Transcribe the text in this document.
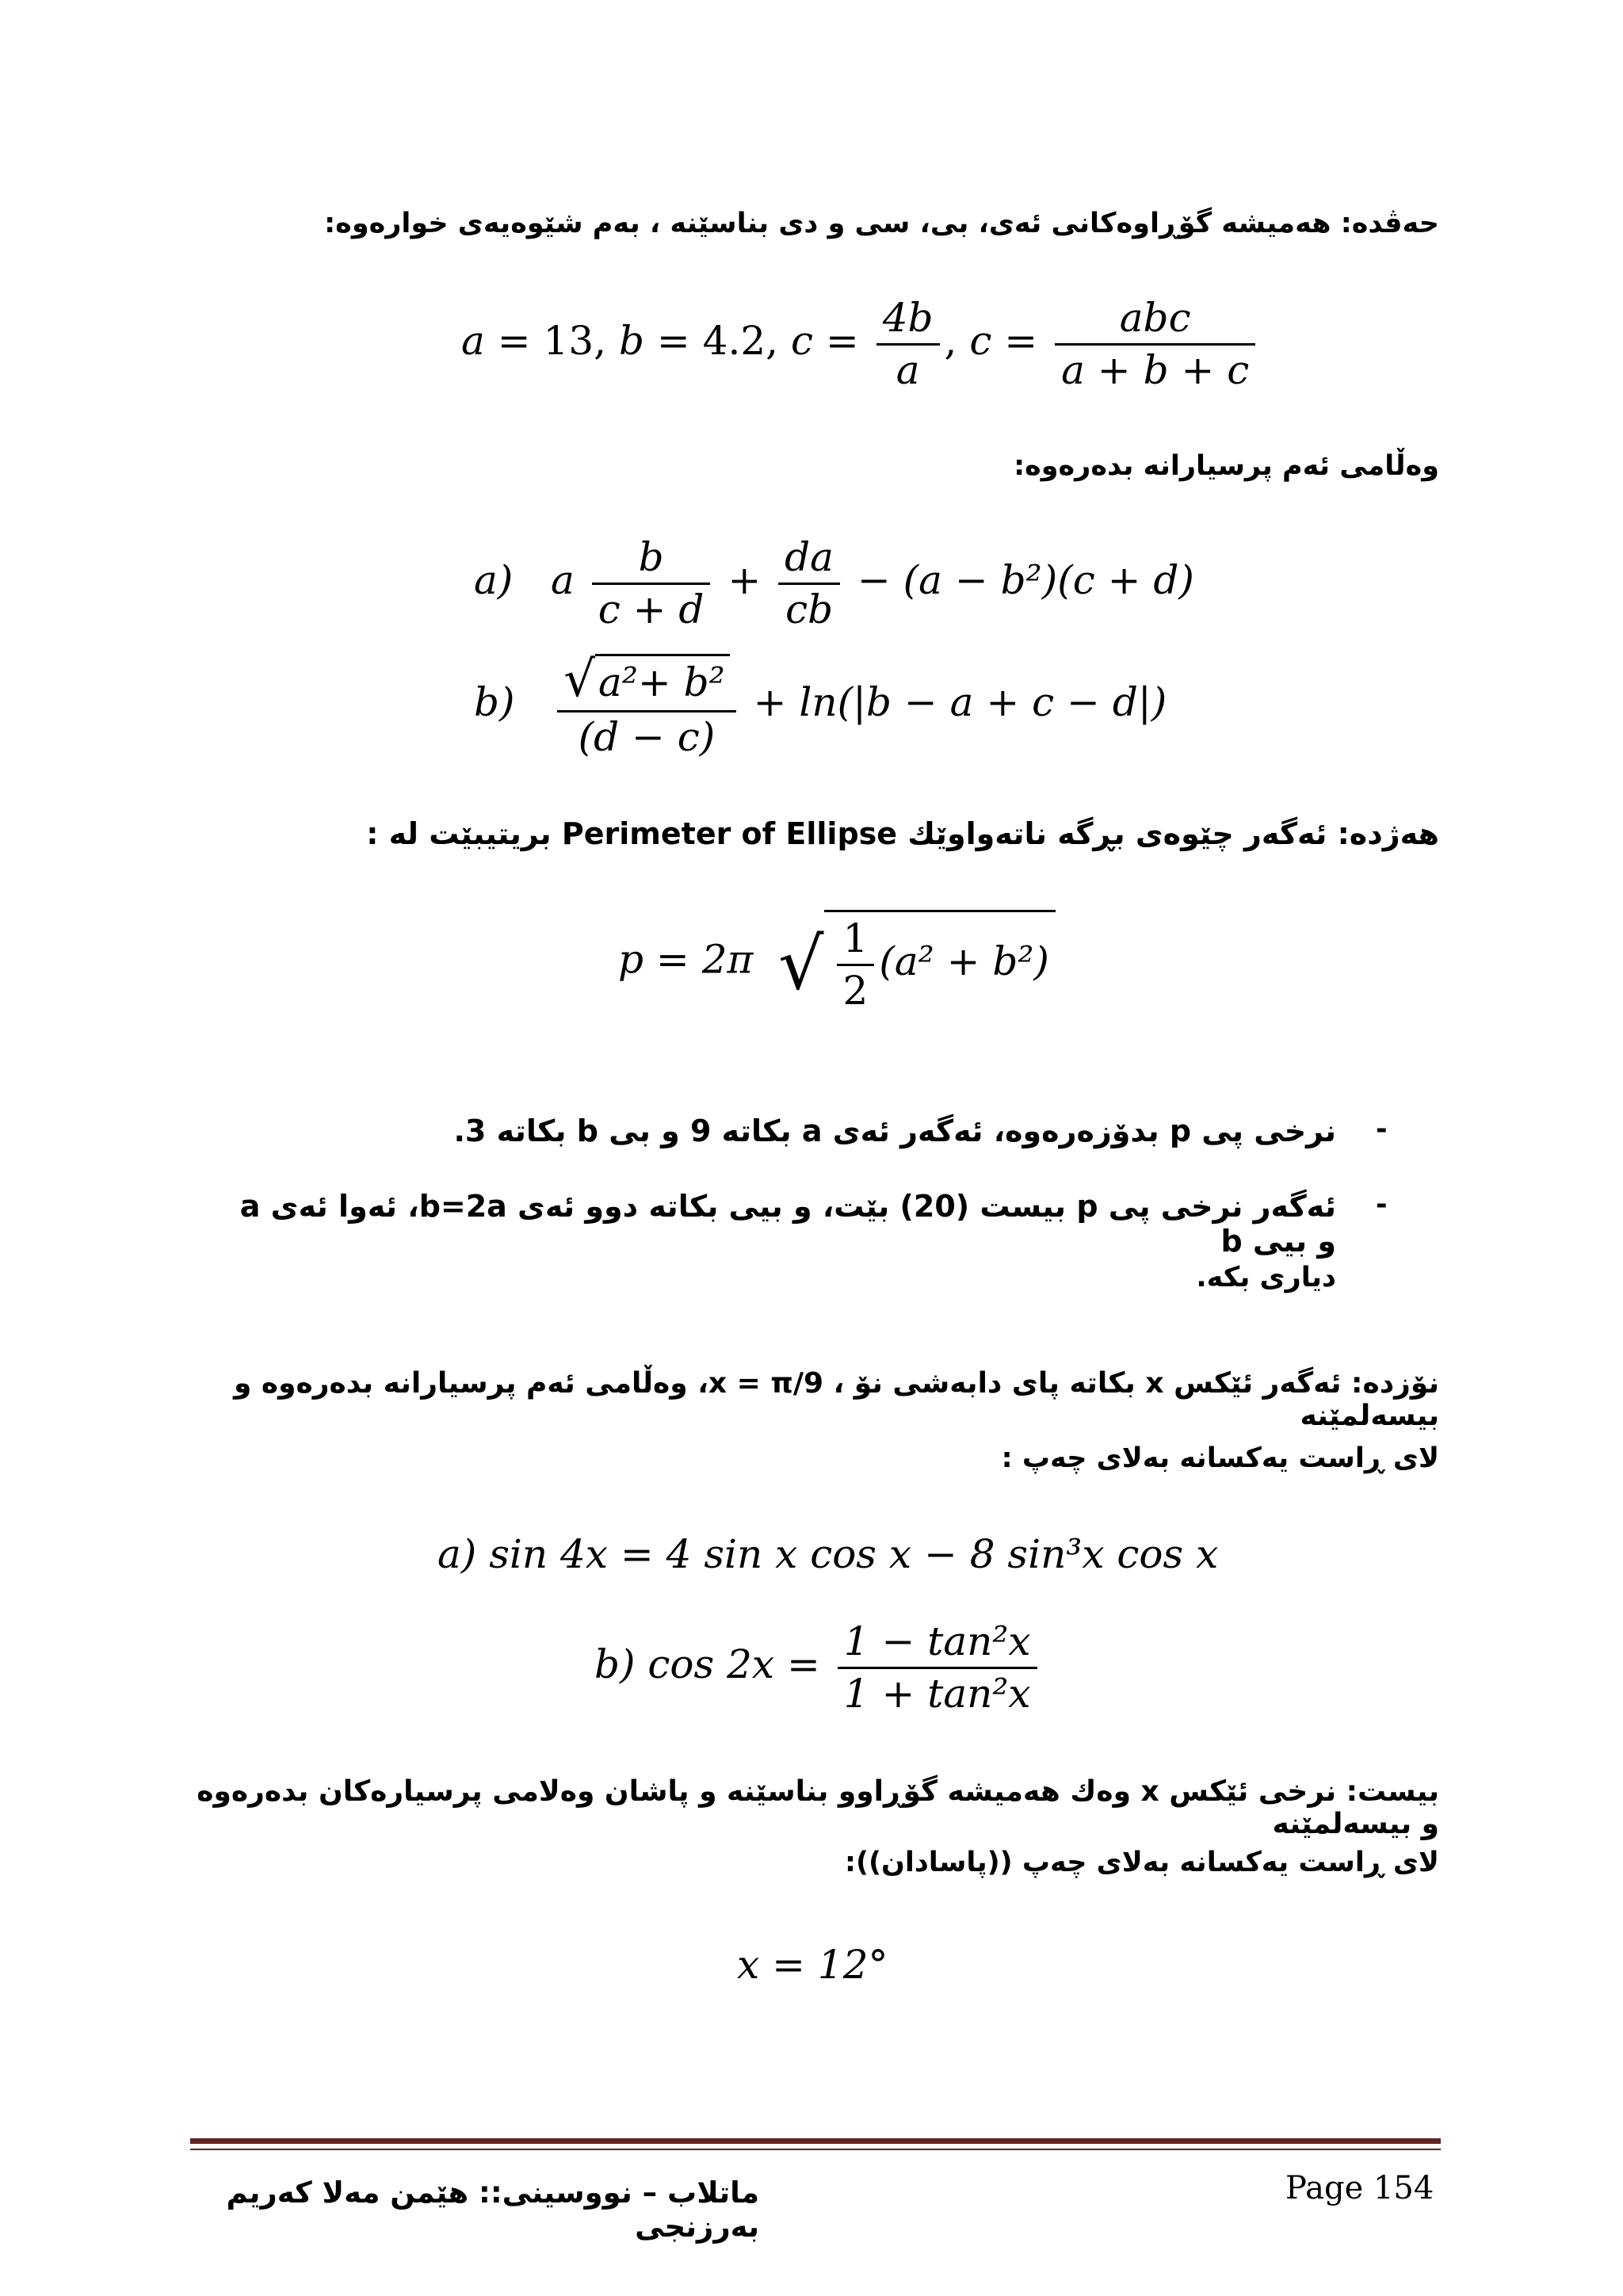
حەڤدە: هەمیشە گۆڕاوەکانی ئەی، بی، سی و دی بناسێنە ، بەم شێوەیەی خوارەوە:
a = 13, b = 4.2, $c = \frac{4b}{a}$ , $c = \frac{\text{abc}}{a + b + c}$
وەڵامی ئەم پرسیارانە بدەرەوە:
a) a $\frac{b}{c + d} + \frac{da}{cb} - (a - b^2)(c + d)$
$b) \frac{\text{√a²+ b²}}{(d - c)} + \ln(|b - a + c - d|)$
هەژدە: ئەگەر چێوەی بڕگە ناتەواوێك Perimeter of Ellipse بریتیبێت لە :
p = 2π √ $\frac{1}{2} (a^2 + b^2)$
-
نرخی پی p بدۆزەرەوە، ئەگەر ئەی a بکاتە 9 و بی b بکاتە 3.
-
ئەگەر نرخی پی p بیست (20) بێت، و بیی بکاتە دوو ئەی b=2a، ئەوا ئەی a و بیی b
دیاری بکە.
نۆزدە: ئەگەر ئێکس x بکاتە پای دابەشی نۆ ، x = π/9، وەڵامی ئەم پرسیارانە بدەرەوە و بیسەلمێنە
لای ڕاست یەکسانە بەلای چەپ :
a) sin 4x = 4 sin x cos x − 8 sin³x cos x
b) $\cos 2x = \frac{\text{1 − tan²x}}{\text{1 + tan²x}}$
بیست: نرخی ئێکس x وەك هەمیشە گۆڕاوو بناسێنە و پاشان وەلامی پرسیارەکان بدەرەوە و بیسەلمێنە
لای ڕاست یەکسانە بەلای چەپ ((پاسادان)):
x = 12°
ماتلاب – نووسینی:: هێمن مەلا کەریم بەرزنجی
Page 154
